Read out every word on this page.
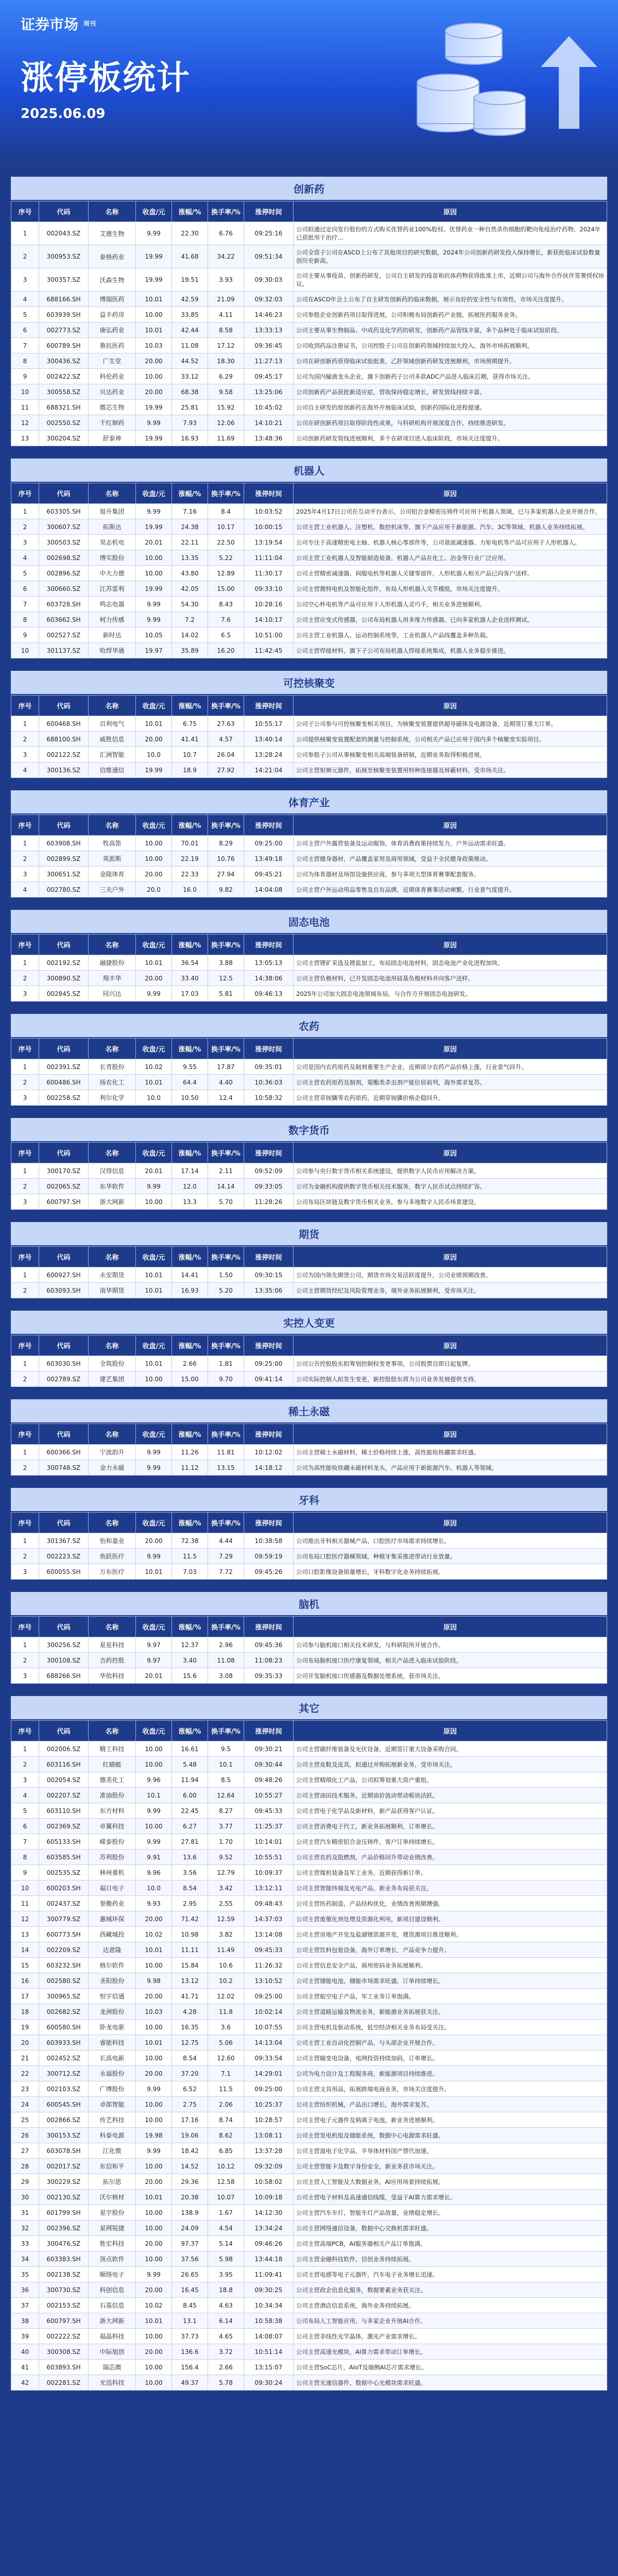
证券市场 周刊
涨停板统计
2025.06.09
创新药
序号	代码	名称	收盘/元	涨幅/%	换手率/%	涨停时间	原因
1	002043.SZ	艾德生物	9.99	22.30	6.76	09:25:16	公司拟通过定向发行股份的方式购买优替药业100%股权。优替药业一种自然杀伤细胞的靶向免疫治疗药物，2024年已获批用于治疗...
2	300953.SZ	泰格药业	19.99	41.68	34.22	09:51:34	公司全资子公司在ASCO上公布了其他项目的研究数据，2024年公司创新药研发投入保持增长，新获批临床试验数量创历史新高。
3	300357.SZ	沃森生物	19.99	19.51	3.93	09:30:03	公司主要从事疫苗、创新药研发，公司自主研发的疫苗和抗体药物获得批准上市，近期公司与海外合作伙伴签署授权协议。
4	688166.SH	博瑞医药	10.01	42.59	21.09	09:32:03	公司在ASCO年会上公布了自主研发创新药的临床数据，展示良好的安全性与有效性，市场关注度提升。
5	603939.SH	益丰药房	10.00	33.85	4.11	14:46:23	公司参股企业创新药项目取得进展，公司积极布局创新药产业链，拓展医药服务业务。
6	002773.SZ	康弘药业	10.01	42.44	8.58	13:33:13	公司主要从事生物制品、中成药及化学药的研发，创新药产品管线丰富，多个品种处于临床试验阶段。
7	600789.SH	鲁抗医药	10.03	11.08	17.12	09:36:45	公司收到药品注册证书，公司控股子公司在创新药领域持续加大投入，海外市场拓展顺利。
8	300436.SZ	广生堂	20.00	44.52	18.30	11:27:13	公司在研创新药获得临床试验批准，乙肝领域创新药研发进展顺利，市场预期提升。
9	002422.SZ	科伦药业	10.00	33.12	6.29	09:45:17	公司为国内输液龙头企业，旗下创新药子公司多款ADC产品进入临床后期，获得市场关注。
10	300558.SZ	贝达药业	20.00	68.38	9.58	13:25:06	公司创新药产品获批新适应症，营收保持稳定增长，研发管线持续丰富。
11	688321.SH	微芯生物	19.99	25.81	15.92	10:45:02	公司自主研发的原创新药在海外开展临床试验，创新药国际化进程提速。
12	002550.SZ	千红制药	9.99	7.93	12.06	14:10:21	公司在研创新药项目取得阶段性成果，与科研机构开展深度合作，持续推进研发。
13	300204.SZ	舒泰神	19.99	16.93	11.69	13:48:36	公司创新药研发管线进展顺利，多个在研项目进入临床阶段，市场关注度提升。
机器人
序号	代码	名称	收盘/元	涨幅/%	换手率/%	涨停时间	原因
1	603305.SH	旭升集团	9.99	7.16	8.4	10:03:52	2025年4月17日公司在互动平台表示，公司铝合金精密压铸件可应用于机器人领域，已与多家机器人企业开展合作。
2	300607.SZ	拓斯达	19.99	24.38	10.17	10:00:15	公司主营工业机器人、注塑机、数控机床等，旗下产品应用于新能源、汽车、3C等领域，机器人业务持续拓展。
3	300503.SZ	昊志机电	20.01	22.11	22.50	13:19:54	公司专注于高速精密电主轴、机器人核心零部件等，公司谐波减速器、力矩电机等产品可应用于人形机器人。
4	002698.SZ	博实股份	10.00	13.35	5.22	11:11:04	公司主营工业机器人及智能制造装备，机器人产品在化工、冶金等行业广泛应用。
5	002896.SZ	中大力德	10.00	43.80	12.89	11:30:17	公司主营精密减速器、伺服电机等机器人关键零部件，人形机器人相关产品已向客户送样。
6	300660.SZ	江苏雷利	19.99	42.05	15.00	09:33:10	公司主营微特电机及智能化组件，布局人形机器人关节模组，市场关注度提升。
7	603728.SH	鸣志电器	9.99	54.30	8.43	10:28:16	公司空心杯电机等产品可应用于人形机器人灵巧手，相关业务进展顺利。
8	603662.SH	柯力传感	9.99	7.2	7.6	14:10:17	公司主营应变式传感器，公司布局机器人用多维力传感器，已向多家机器人企业送样测试。
9	002527.SZ	新时达	10.05	14.02	6.5	10:51:00	公司主营工业机器人、运动控制系统等，工业机器人产品线覆盖多种负载。
10	301137.SZ	哈焊华通	19.97	35.89	16.20	11:42:45	公司主营焊接材料，旗下子公司布局机器人焊接系统集成，机器人业务稳步推进。
可控核聚变
序号	代码	名称	收盘/元	涨幅/%	换手率/%	涨停时间	原因
1	600468.SH	百利电气	10.01	6.75	27.63	10:55:17	公司子公司参与可控核聚变相关项目，为核聚变装置提供超导磁体及电源设备，近期签订重大订单。
2	688100.SH	威胜信息	20.00	41.41	4.57	13:40:14	公司提供核聚变装置配套的测量与控制系统，公司相关产品已应用于国内多个核聚变实验项目。
3	002122.SZ	汇洲智能	10.0	10.7	26.04	13:28:24	公司参股子公司从事核聚变相关高端装备研制，近期业务取得积极进展。
4	300136.SZ	信维通信	19.99	18.9	27.92	14:21:04	公司主营射频元器件，拓展至核聚变装置用特种连接器及屏蔽材料，受市场关注。
体育产业
序号	代码	名称	收盘/元	涨幅/%	换手率/%	涨停时间	原因
1	603908.SH	牧高笛	10.00	70.01	8.29	09:25:00	公司主营户外露营装备及运动服饰，体育消费政策持续发力，户外运动需求旺盛。
2	002899.SZ	英派斯	10.00	22.19	10.76	13:49:18	公司主营健身器材，产品覆盖家用及商用领域，受益于全民健身政策推动。
3	300651.SZ	金陵体育	20.00	22.33	27.94	09:45:21	公司为体育器材及场馆设施供应商，参与多项大型体育赛事配套服务。
4	002780.SZ	三夫户外	20.0	16.0	9.82	14:04:08	公司主营户外运动用品零售及自有品牌，近期体育赛事活动频繁，行业景气度提升。
固态电池
序号	代码	名称	收盘/元	涨幅/%	换手率/%	涨停时间	原因
1	002192.SZ	融捷股份	10.01	36.54	3.88	13:05:13	公司主营锂矿采选及锂盐加工，布局固态电池材料，固态电池产业化进程加快。
2	300890.SZ	翔丰华	20.00	33.40	12.5	14:38:06	公司主营负极材料，已开发固态电池用硅基负极材料并向客户送样。
3	002845.SZ	同兴达	9.99	17.03	5.81	09:46:13	2025年公司加大固态电池领域布局，与合作方开展固态电池研发。
农药
序号	代码	名称	收盘/元	涨幅/%	换手率/%	涨停时间	原因
1	002391.SZ	长青股份	10.02	9.55	17.87	09:35:01	公司是国内农药原药及制剂重要生产企业，近期部分农药产品价格上涨，行业景气回升。
2	600486.SH	扬农化工	10.01	64.4	4.40	10:36:03	公司主营农药原药及制剂，菊酯类杀虫剂产能位居前列，海外需求复苏。
3	002258.SZ	利尔化学	10.0	10.50	12.4	10:58:32	公司主营草铵膦等农药原药，近期草铵膦价格企稳回升。
数字货币
序号	代码	名称	收盘/元	涨幅/%	换手率/%	涨停时间	原因
1	300170.SZ	汉得信息	20.01	17.14	2.11	09:52:09	公司参与央行数字货币相关系统建设，提供数字人民币应用解决方案。
2	002065.SZ	东华软件	9.99	12.0	14.14	09:33:05	公司为金融机构提供数字货币相关技术服务，数字人民币试点持续扩容。
3	600797.SH	浙大网新	10.00	13.3	5.70	11:28:26	公司布局区块链及数字货币相关业务，参与多地数字人民币场景建设。
期货
序号	代码	名称	收盘/元	涨幅/%	换手率/%	涨停时间	原因
1	600927.SH	永安期货	10.01	14.41	1.50	09:30:15	公司为国内领先期货公司，期货市场交易活跃度提升，公司业绩预期改善。
2	603093.SH	南华期货	10.01	16.93	5.20	13:35:06	公司主营期货经纪及风险管理业务，境外业务拓展顺利，受市场关注。
实控人变更
序号	代码	名称	收盘/元	涨幅/%	换手率/%	涨停时间	原因
1	603030.SH	全筑股份	10.01	2.66	1.81	09:25:00	公司公告控股股东拟筹划控制权变更事项，公司股票自即日起复牌。
2	002789.SZ	建艺集团	10.00	15.00	9.70	09:41:14	公司实际控制人拟发生变更，新控股股东将为公司业务发展提供支持。
稀土永磁
序号	代码	名称	收盘/元	涨幅/%	换手率/%	涨停时间	原因
1	600366.SH	宁波韵升	9.99	11.26	11.81	10:12:02	公司主营稀土永磁材料，稀土价格持续上涨，高性能钕铁硼需求旺盛。
2	300748.SZ	金力永磁	9.99	11.12	13.15	14:18:12	公司为高性能钕铁硼永磁材料龙头，产品应用于新能源汽车、机器人等领域。
牙科
序号	代码	名称	收盘/元	涨幅/%	换手率/%	涨停时间	原因
1	301367.SZ	怡和嘉业	20.00	72.38	4.44	10:38:58	公司推出牙科相关器械产品，口腔医疗市场需求持续增长。
2	002223.SZ	鱼跃医疗	9.99	11.5	7.29	09:59:19	公司布局口腔医疗器械领域，种植牙集采推进带动行业放量。
3	600055.SH	万东医疗	10.01	7.03	7.72	09:45:26	公司口腔影像设备销量增长，牙科数字化业务持续拓展。
脑机
序号	代码	名称	收盘/元	涨幅/%	换手率/%	涨停时间	原因
1	300256.SZ	星星科技	9.97	12.37	2.96	09:45:36	公司参与脑机接口相关技术研发，与科研院所开展合作。
2	300108.SZ	吉药控股	9.97	3.40	11.08	11:08:23	公司布局脑机接口医疗康复领域，相关产品进入临床试验阶段。
3	688266.SH	华依科技	20.01	15.6	3.08	09:35:33	公司开发脑机接口传感器及数据处理系统，获市场关注。
其它
序号	代码	名称	收盘/元	涨幅/%	换手率/%	涨停时间	原因
1	002006.SZ	精工科技	10.00	16.61	9.5	09:30:21	公司主营碳纤维装备及光伏设备，近期签订重大设备采购合同。
2	603116.SH	红蜻蜓	10.00	5.48	10.1	09:30:44	公司主营皮鞋及皮具，拟通过并购拓展新业务，受市场关注。
3	002054.SZ	德美化工	9.96	11.94	8.5	09:48:26	公司主营精细化工产品，公司拟筹划重大资产重组。
4	002207.SZ	准油股份	10.1	6.00	12.64	10:55:27	公司主营油田技术服务，近期油价波动带动板块活跃。
5	603110.SH	东方材料	9.99	22.45	8.27	09:45:33	公司主营电子化学品及新材料，新产品获得客户认证。
6	002369.SZ	卓翼科技	10.00	6.27	3.77	11:25:37	公司主营消费电子代工，新业务拓展顺利，订单增长。
7	605133.SH	嵘泰股份	9.99	27.81	1.70	10:14:01	公司主营汽车精密铝合金压铸件，客户订单持续增长。
8	603585.SH	苏利股份	9.91	13.6	9.52	10:55:51	公司主营农药及阻燃剂，产品价格回升带动业绩改善。
9	002535.SZ	林州重机	9.96	3.56	12.79	10:09:37	公司主营煤机装备及军工业务，近期获得新订单。
10	600203.SH	福日电子	10.0	8.54	3.42	13:12:11	公司主营智能终端及光电产品，新业务布局获关注。
11	002437.SZ	誉衡药业	9.93	2.95	2.55	09:48:43	公司主营医药制造，产品结构优化，业绩改善预期增强。
12	300779.SZ	惠城环保	20.00	71.42	12.59	14:37:03	公司主营废催化剂处理及资源化利用，新项目建设顺利。
13	600773.SH	西藏城投	10.02	10.98	3.82	13:14:08	公司主营房地产开发及盐湖锂资源开发，锂资源项目推进顺利。
14	002209.SZ	达意隆	10.01	11.11	11.49	09:45:33	公司主营饮料包装设备，海外订单增长，产品竞争力提升。
15	603232.SH	格尔软件	10.00	15.84	10.6	11:26:32	公司主营信息安全产品，商用密码业务拓展顺利。
16	002580.SZ	圣阳股份	9.98	13.12	10.2	13:10:52	公司主营储能电池，储能市场需求旺盛，订单持续增长。
17	300965.SZ	恒宇信通	20.00	41.71	12.02	09:25:00	公司主营航空电子产品，军工业务订单饱满。
18	002682.SZ	龙洲股份	10.03	4.28	11.8	10:02:14	公司主营道路运输及物流业务，新能源业务拓展获关注。
19	600580.SH	卧龙电驱	10.00	16.35	3.6	10:07:55	公司主营电机及驱动系统，低空经济相关业务布局受关注。
20	603933.SH	睿能科技	10.01	12.75	5.06	14:13:04	公司主营工业自动化控制产品，与头部企业开展合作。
21	002452.SZ	长高电新	10.00	8.54	12.60	09:33:54	公司主营输变电设备，电网投资持续加码，订单增长。
22	300712.SZ	永福股份	20.00	37.20	7.1	14:29:01	公司为电力设计及工程服务商，新能源项目持续推进。
23	002103.SZ	广博股份	9.99	6.52	11.5	09:25:00	公司主营文具用品，拓展跨境电商业务，市场关注度提升。
24	600545.SH	卓郎智能	10.00	2.75	2.06	10:25:37	公司主营纺织机械，产品出口增长，海外需求复苏。
25	002866.SZ	传艺科技	10.00	17.16	8.74	10:28:57	公司主营电子元器件及钠离子电池，新业务进展顺利。
26	300153.SZ	科泰电源	19.98	19.06	8.62	13:08:11	公司主营发电机组及储能系统，数据中心电源需求旺盛。
27	603078.SH	江化微	9.99	18.42	6.85	13:37:28	公司主营湿电子化学品，半导体材料国产替代加速。
28	002017.SZ	东信和平	10.00	14.52	10.12	09:32:09	公司主营智能卡及数字身份安全，新业务获市场关注。
29	300229.SZ	拓尔思	20.00	29.36	12.58	10:58:02	公司主营人工智能及大数据业务，AI应用场景持续拓展。
30	002130.SZ	沃尔核材	10.01	20.38	10.07	10:09:18	公司主营电子材料及高速通信线缆，受益于AI算力需求增长。
31	601799.SH	星宇股份	10.00	138.9	1.67	14:12:30	公司主营汽车车灯，智能车灯产品放量，业绩稳定增长。
32	002396.SZ	星网锐捷	10.00	24.09	4.54	13:34:24	公司主营网络通信设备，数据中心交换机需求旺盛。
33	300476.SZ	胜宏科技	20.00	97.37	5.14	09:46:26	公司主营高端PCB，AI服务器相关产品订单饱满。
34	603383.SH	顶点软件	10.00	37.56	5.98	13:44:18	公司主营金融科技软件，信创业务持续拓展。
35	002138.SZ	顺络电子	9.99	26.65	3.95	11:09:41	公司主营电感等电子元器件，汽车电子业务增长迅速。
36	300730.SZ	科创信息	20.00	16.45	18.8	09:30:25	公司主营政企信息化服务，数据要素业务获关注。
37	002153.SZ	石基信息	10.02	8.45	4.63	10:34:34	公司主营酒店信息系统，海外业务持续拓展。
38	600797.SH	浙大网新	10.01	13.1	6.14	10:58:38	公司布局人工智能应用，与多家企业开展AI合作。
39	002222.SZ	福晶科技	10.00	37.73	4.65	14:08:07	公司主营非线性光学晶体，激光产业需求增长。
40	300308.SZ	中际旭创	20.00	136.6	3.72	10:51:14	公司主营高速光模块，AI算力需求带动订单增长。
41	603893.SH	瑞芯微	10.00	156.4	2.66	13:15:07	公司主营SoC芯片，AIoT及端侧AI芯片需求增长。
42	002281.SZ	光迅科技	10.00	49.37	5.78	09:30:24	公司主营光通信器件，数据中心光模块需求旺盛。
